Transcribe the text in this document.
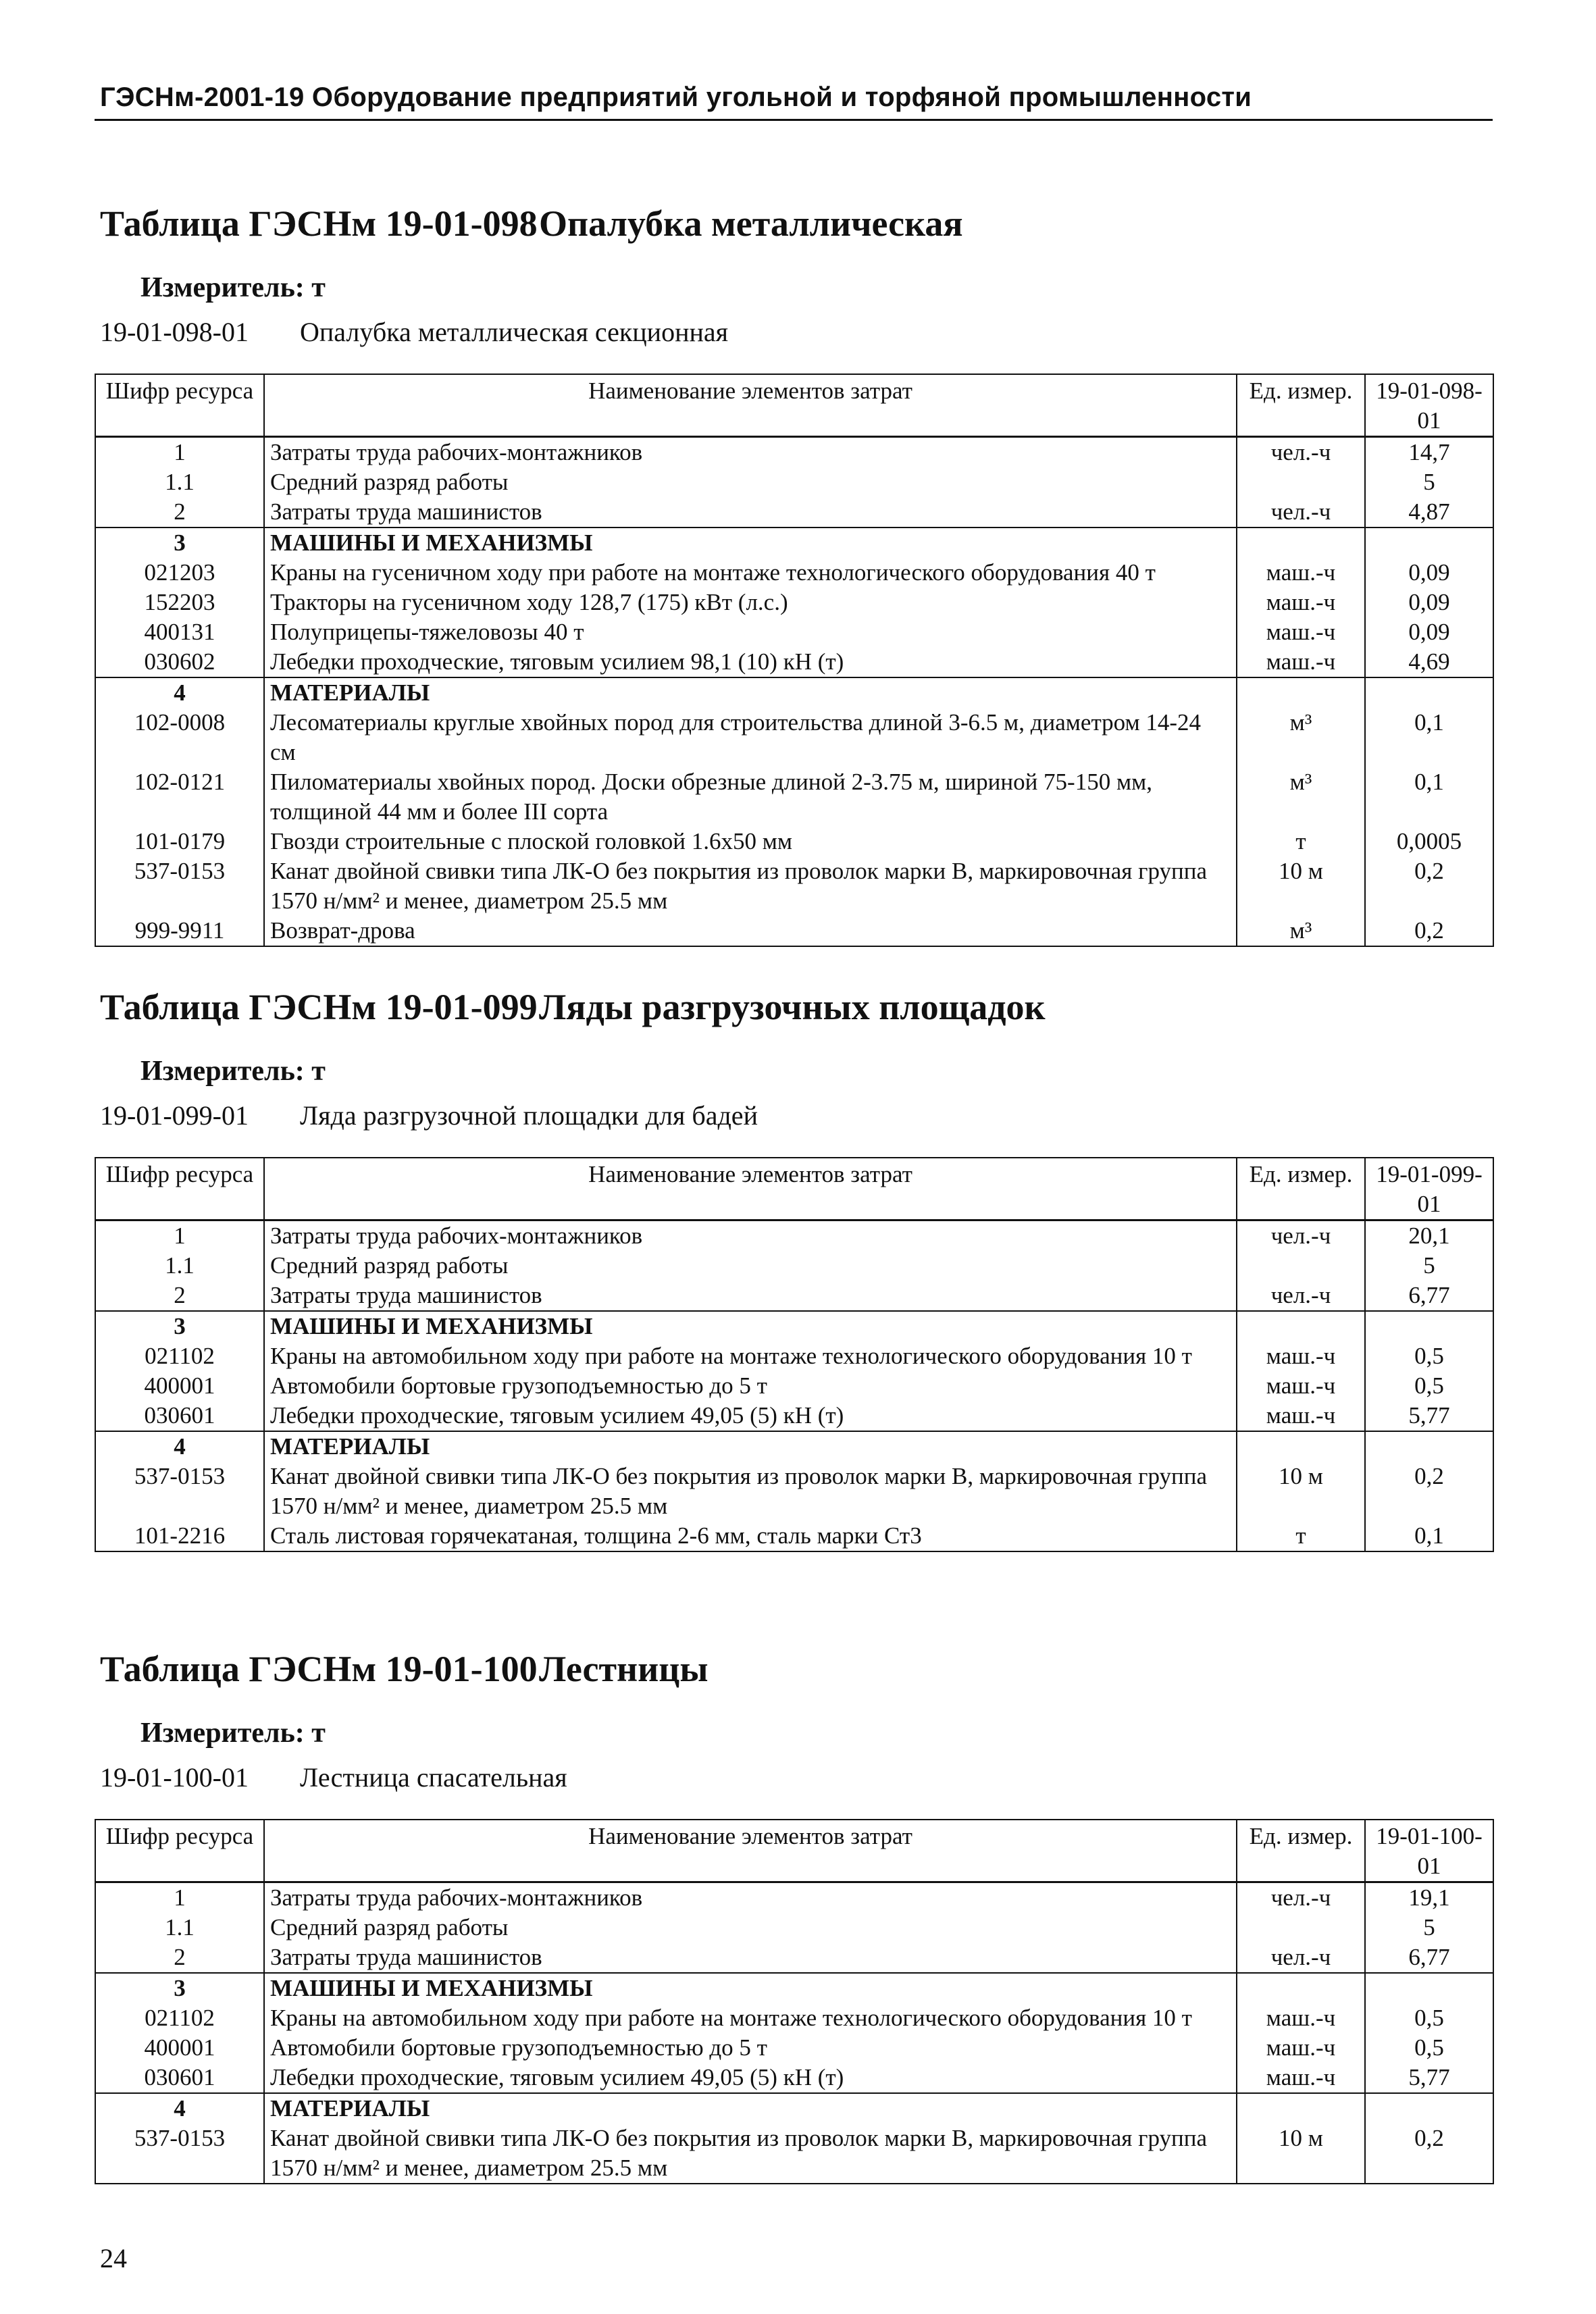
ГЭСНм-2001-19 Оборудование предприятий угольной и торфяной промышленности
Таблица ГЭСНм 19-01-098Опалубка металлическая
Измеритель: т
19-01-098-01 Опалубка металлическая секционная
Шифр ресурса	Наименование элементов затрат	Ед. измер.	19-01-098-01
1	Затраты труда рабочих-монтажников	чел.-ч	14,7
1.1	Средний разряд работы		5
2	Затраты труда машинистов	чел.-ч	4,87
3	МАШИНЫ И МЕХАНИЗМЫ		
021203	Краны на гусеничном ходу при работе на монтаже технологического оборудования 40 т	маш.-ч	0,09
152203	Тракторы на гусеничном ходу 128,7 (175) кВт (л.с.)	маш.-ч	0,09
400131	Полуприцепы-тяжеловозы 40 т	маш.-ч	0,09
030602	Лебедки проходческие, тяговым усилием 98,1 (10) кН (т)	маш.-ч	4,69
4	МАТЕРИАЛЫ		
102-0008	Лесоматериалы круглые хвойных пород для строительства длиной 3-6.5 м, диаметром 14-24 см	м³	0,1
102-0121	Пиломатериалы хвойных пород. Доски обрезные длиной 2-3.75 м, шириной 75-150 мм, толщиной 44 мм и более III сорта	м³	0,1
101-0179	Гвозди строительные с плоской головкой 1.6х50 мм	т	0,0005
537-0153	Канат двойной свивки типа ЛК-О без покрытия из проволок марки В, маркировочная группа 1570 н/мм² и менее, диаметром 25.5 мм	10 м	0,2
999-9911	Возврат-дрова	м³	0,2
Таблица ГЭСНм 19-01-099Ляды разгрузочных площадок
Измеритель: т
19-01-099-01 Ляда разгрузочной площадки для бадей
Шифр ресурса	Наименование элементов затрат	Ед. измер.	19-01-099-01
1	Затраты труда рабочих-монтажников	чел.-ч	20,1
1.1	Средний разряд работы		5
2	Затраты труда машинистов	чел.-ч	6,77
3	МАШИНЫ И МЕХАНИЗМЫ		
021102	Краны на автомобильном ходу при работе на монтаже технологического оборудования 10 т	маш.-ч	0,5
400001	Автомобили бортовые грузоподъемностью до 5 т	маш.-ч	0,5
030601	Лебедки проходческие, тяговым усилием 49,05 (5) кН (т)	маш.-ч	5,77
4	МАТЕРИАЛЫ		
537-0153	Канат двойной свивки типа ЛК-О без покрытия из проволок марки В, маркировочная группа 1570 н/мм² и менее, диаметром 25.5 мм	10 м	0,2
101-2216	Сталь листовая горячекатаная, толщина 2-6 мм, сталь марки Ст3	т	0,1
Таблица ГЭСНм 19-01-100Лестницы
Измеритель: т
19-01-100-01 Лестница спасательная
Шифр ресурса	Наименование элементов затрат	Ед. измер.	19-01-100-01
1	Затраты труда рабочих-монтажников	чел.-ч	19,1
1.1	Средний разряд работы		5
2	Затраты труда машинистов	чел.-ч	6,77
3	МАШИНЫ И МЕХАНИЗМЫ		
021102	Краны на автомобильном ходу при работе на монтаже технологического оборудования 10 т	маш.-ч	0,5
400001	Автомобили бортовые грузоподъемностью до 5 т	маш.-ч	0,5
030601	Лебедки проходческие, тяговым усилием 49,05 (5) кН (т)	маш.-ч	5,77
4	МАТЕРИАЛЫ		
537-0153	Канат двойной свивки типа ЛК-О без покрытия из проволок марки В, маркировочная группа 1570 н/мм² и менее, диаметром 25.5 мм	10 м	0,2
24
